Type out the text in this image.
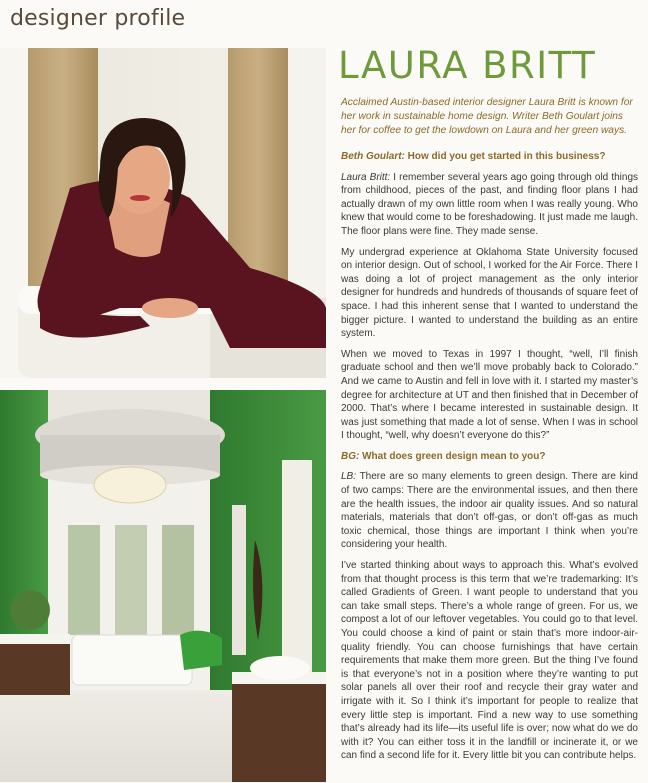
designer profile
LAURA BRITT
Acclaimed Austin-based interior designer Laura Britt is known for her work in sustainable home design. Writer Beth Goulart joins her for coffee to get the lowdown on Laura and her green ways.
Beth Goulart: How did you get started in this business?

Laura Britt: I remember several years ago going through old things from childhood, pieces of the past, and finding floor plans I had actually drawn of my own little room when I was really young. Who knew that would come to be foreshadowing. It just made me laugh. The floor plans were fine. They made sense.

My undergrad experience at Oklahoma State University focused on interior design. Out of school, I worked for the Air Force. There I was doing a lot of project management as the only interior designer for hundreds and hundreds of thousands of square feet of space. I had this inherent sense that I wanted to understand the bigger picture. I wanted to understand the building as an entire system.

When we moved to Texas in 1997 I thought, “well, I’ll finish graduate school and then we’ll move probably back to Colorado.” And we came to Austin and fell in love with it. I started my master’s degree for architecture at UT and then finished that in December of 2000. That’s where I became interested in sustainable design. It was just something that made a lot of sense. When I was in school I thought, “well, why doesn’t everyone do this?”

BG: What does green design mean to you?

LB: There are so many elements to green design. There are kind of two camps: There are the environmental issues, and then there are the health issues, the indoor air quality issues. And so natural materials, materials that don’t off-gas, or don’t off-gas as much toxic chemical, those things are important I think when you’re considering your health.

I’ve started thinking about ways to approach this. What’s evolved from that thought process is this term that we’re trademarking: It’s called Gradients of Green. I want people to understand that you can take small steps. There’s a whole range of green. For us, we compost a lot of our leftover vegetables. You could go to that level. You could choose a kind of paint or stain that’s more indoor-air-quality friendly. You can choose furnishings that have certain requirements that make them more green. But the thing I’ve found is that everyone’s not in a position where they’re wanting to put solar panels all over their roof and recycle their gray water and irrigate with it. So I think it’s important for people to realize that every little step is important. Find a new way to use something that’s already had its life—its useful life is over; now what do we do with it? You can either toss it in the landfill or incinerate it, or we can find a second life for it. Every little bit you can contribute helps.
